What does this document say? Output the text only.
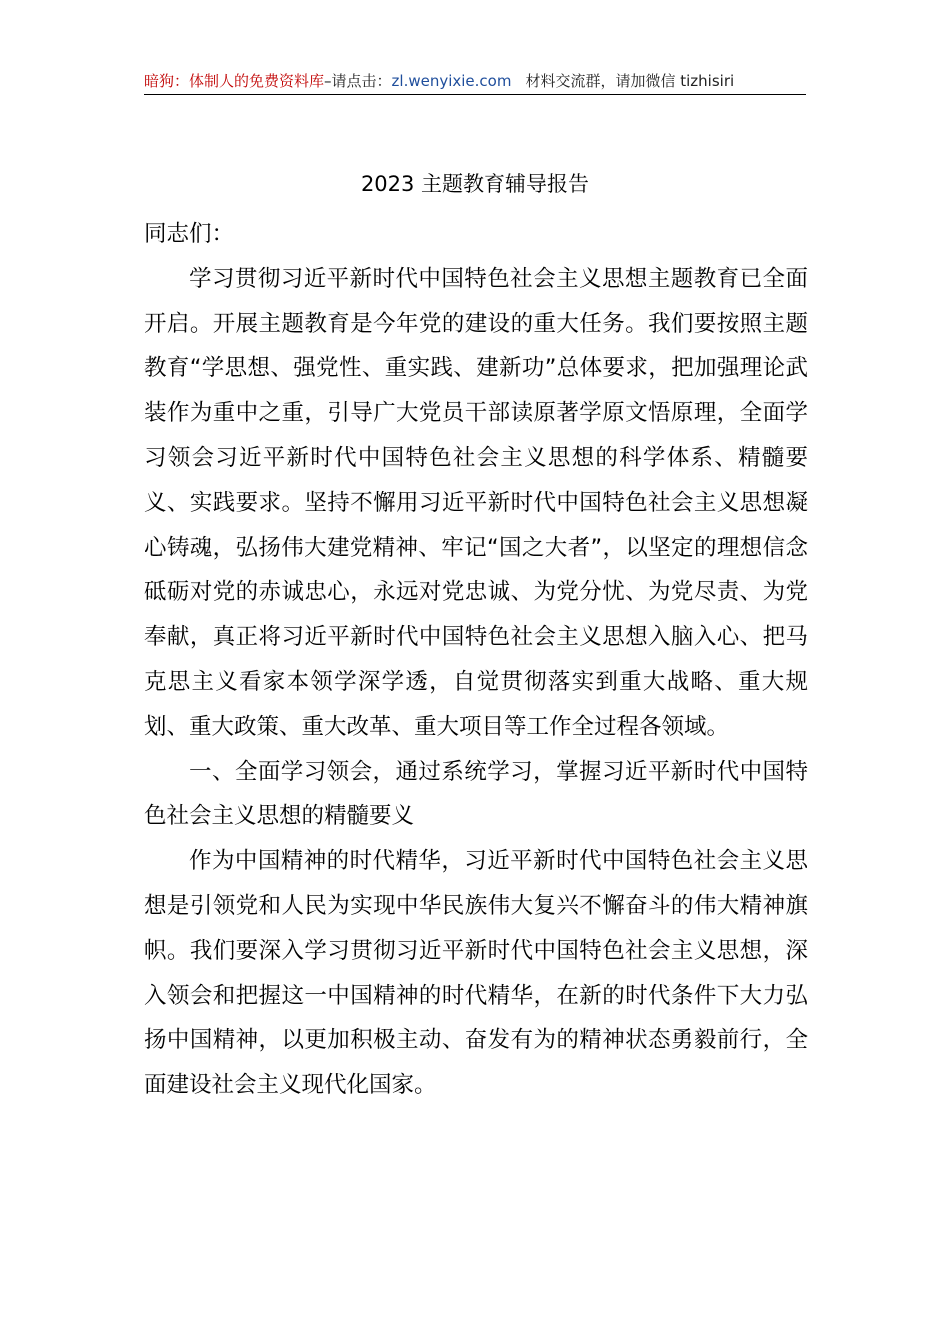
暗狗：体制人的免费资料库–请点击：zl.wenyixie.com 材料交流群，请加微信 tizhisiri
2023 主题教育辅导报告

同志们：

学习贯彻习近平新时代中国特色社会主义思想主题教育已全面开启。开展主题教育是今年党的建设的重大任务。我们要按照主题教育“学思想、强党性、重实践、建新功”总体要求，把加强理论武装作为重中之重，引导广大党员干部读原著学原文悟原理，全面学习领会习近平新时代中国特色社会主义思想的科学体系、精髓要义、实践要求。坚持不懈用习近平新时代中国特色社会主义思想凝心铸魂，弘扬伟大建党精神、牢记“国之大者”，以坚定的理想信念砥砺对党的赤诚忠心，永远对党忠诚、为党分忧、为党尽责、为党奉献，真正将习近平新时代中国特色社会主义思想入脑入心、把马克思主义看家本领学深学透，自觉贯彻落实到重大战略、重大规划、重大政策、重大改革、重大项目等工作全过程各领域。

一、全面学习领会，通过系统学习，掌握习近平新时代中国特色社会主义思想的精髓要义

作为中国精神的时代精华，习近平新时代中国特色社会主义思想是引领党和人民为实现中华民族伟大复兴不懈奋斗的伟大精神旗帜。我们要深入学习贯彻习近平新时代中国特色社会主义思想，深入领会和把握这一中国精神的时代精华，在新的时代条件下大力弘扬中国精神，以更加积极主动、奋发有为的精神状态勇毅前行，全面建设社会主义现代化国家。
